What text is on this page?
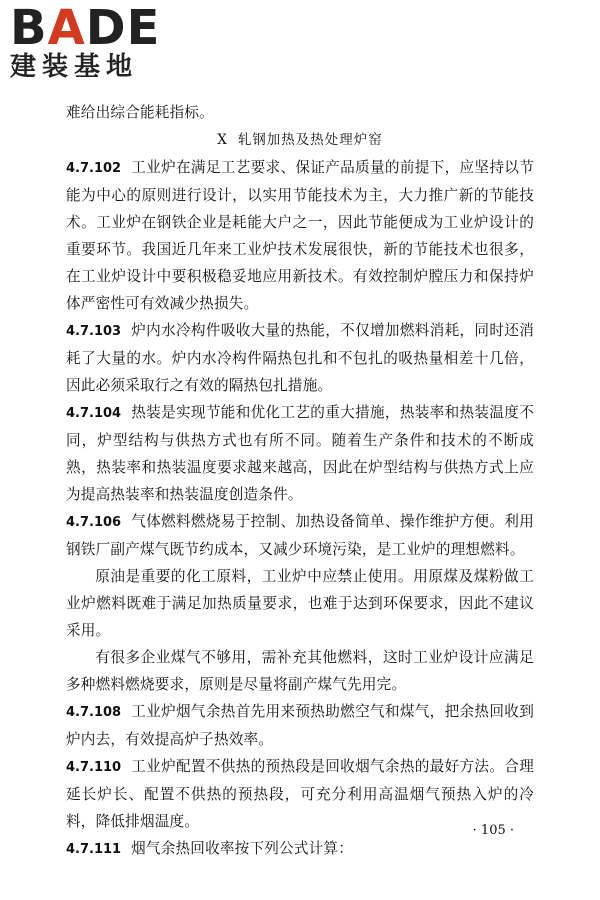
BADE
建装基地

难给出综合能耗指标。

Ⅹ 轧钢加热及热处理炉窑

4.7.102 工业炉在满足工艺要求、保证产品质量的前提下，应坚持以节能为中心的原则进行设计，以实用节能技术为主，大力推广新的节能技术。工业炉在钢铁企业是耗能大户之一，因此节能便成为工业炉设计的重要环节。我国近几年来工业炉技术发展很快，新的节能技术也很多，在工业炉设计中要积极稳妥地应用新技术。有效控制炉膛压力和保持炉体严密性可有效减少热损失。

4.7.103 炉内水冷构件吸收大量的热能，不仅增加燃料消耗，同时还消耗了大量的水。炉内水冷构件隔热包扎和不包扎的吸热量相差十几倍，因此必须采取行之有效的隔热包扎措施。

4.7.104 热装是实现节能和优化工艺的重大措施，热装率和热装温度不同，炉型结构与供热方式也有所不同。随着生产条件和技术的不断成熟，热装率和热装温度要求越来越高，因此在炉型结构与供热方式上应为提高热装率和热装温度创造条件。

4.7.106 气体燃料燃烧易于控制、加热设备简单、操作维护方便。利用钢铁厂副产煤气既节约成本，又减少环境污染，是工业炉的理想燃料。

原油是重要的化工原料，工业炉中应禁止使用。用原煤及煤粉做工业炉燃料既难于满足加热质量要求，也难于达到环保要求，因此不建议采用。

有很多企业煤气不够用，需补充其他燃料，这时工业炉设计应满足多种燃料燃烧要求，原则是尽量将副产煤气先用完。

4.7.108 工业炉烟气余热首先用来预热助燃空气和煤气，把余热回收到炉内去，有效提高炉子热效率。

4.7.110 工业炉配置不供热的预热段是回收烟气余热的最好方法。合理延长炉长、配置不供热的预热段，可充分利用高温烟气预热入炉的冷料，降低排烟温度。

4.7.111 烟气余热回收率按下列公式计算：

· 105 ·
